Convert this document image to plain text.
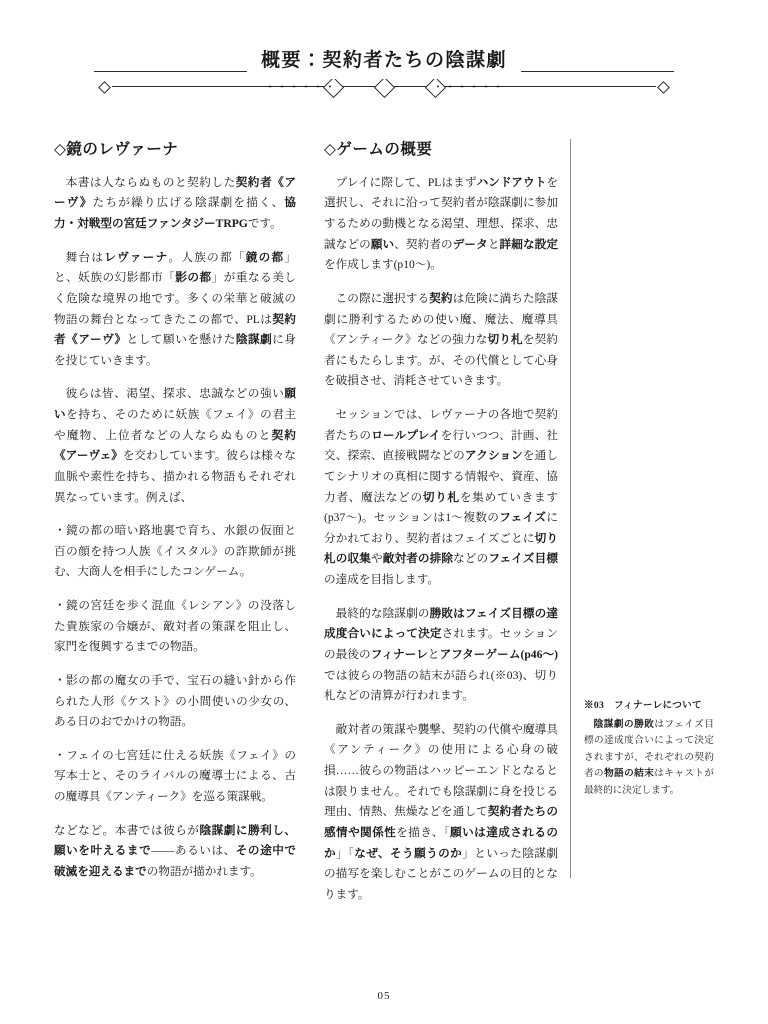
概要：契約者たちの陰謀劇
◇鏡のレヴァーナ

本書は人ならぬものと契約した契約者《アーヴ》たちが繰り広げる陰謀劇を描く、協力・対戦型の宮廷ファンタジーTRPGです。

舞台はレヴァーナ。人族の都「鏡の都」と、妖族の幻影都市「影の都」が重なる美しく危険な境界の地です。多くの栄華と破滅の物語の舞台となってきたこの都で、PLは契約者《アーヴ》として願いを懸けた陰謀劇に身を投じていきます。

彼らは皆、渇望、探求、忠誠などの強い願いを持ち、そのために妖族《フェイ》の君主や魔物、上位者などの人ならぬものと契約《アーヴェ》を交わしています。彼らは様々な血脈や素性を持ち、描かれる物語もそれぞれ異なっています。例えば、

・鏡の都の暗い路地裏で育ち、水銀の仮面と百の顔を持つ人族《イスタル》の詐欺師が挑む、大商人を相手にしたコンゲーム。

・鏡の宮廷を歩く混血《レシアン》の没落した貴族家の令嬢が、敵対者の策謀を阻止し、家門を復興するまでの物語。

・影の都の魔女の手で、宝石の縫い針から作られた人形《ケスト》の小間使いの少女の、ある日のおでかけの物語。

・フェイの七宮廷に仕える妖族《フェイ》の写本士と、そのライバルの魔導士による、古の魔導具《アンティーク》を巡る策謀戦。

などなど。本書では彼らが陰謀劇に勝利し、願いを叶えるまで——あるいは、その途中で破滅を迎えるまでの物語が描かれます。

◇ゲームの概要

プレイに際して、PLはまずハンドアウトを選択し、それに沿って契約者が陰謀劇に参加するための動機となる渇望、理想、探求、忠誠などの願い、契約者のデータと詳細な設定を作成します(p10〜)。

この際に選択する契約は危険に満ちた陰謀劇に勝利するための使い魔、魔法、魔導具《アンティーク》などの強力な切り札を契約者にもたらします。が、その代償として心身を破損させ、消耗させていきます。

セッションでは、レヴァーナの各地で契約者たちのロールプレイを行いつつ、計画、社交、探索、直接戦闘などのアクションを通してシナリオの真相に関する情報や、資産、協力者、魔法などの切り札を集めていきます(p37〜)。セッションは1〜複数のフェイズに分かれており、契約者はフェイズごとに切り札の収集や敵対者の排除などのフェイズ目標の達成を目指します。

最終的な陰謀劇の勝敗はフェイズ目標の達成度合いによって決定されます。セッションの最後のフィナーレとアフターゲーム(p46〜)では彼らの物語の結末が語られ(※03)、切り札などの清算が行われます。

敵対者の策謀や襲撃、契約の代償や魔導具《アンティーク》の使用による心身の破損……彼らの物語はハッピーエンドとなるとは限りません。それでも陰謀劇に身を投じる理由、情熱、焦燥などを通して契約者たちの感情や関係性を描き、「願いは達成されるのか」「なぜ、そう願うのか」といった陰謀劇の描写を楽しむことがこのゲームの目的となります。

※03　フィナーレについて

陰謀劇の勝敗はフェイズ目標の達成度合いによって決定されますが、それぞれの契約者の物語の結末はキャストが最終的に決定します。

05
